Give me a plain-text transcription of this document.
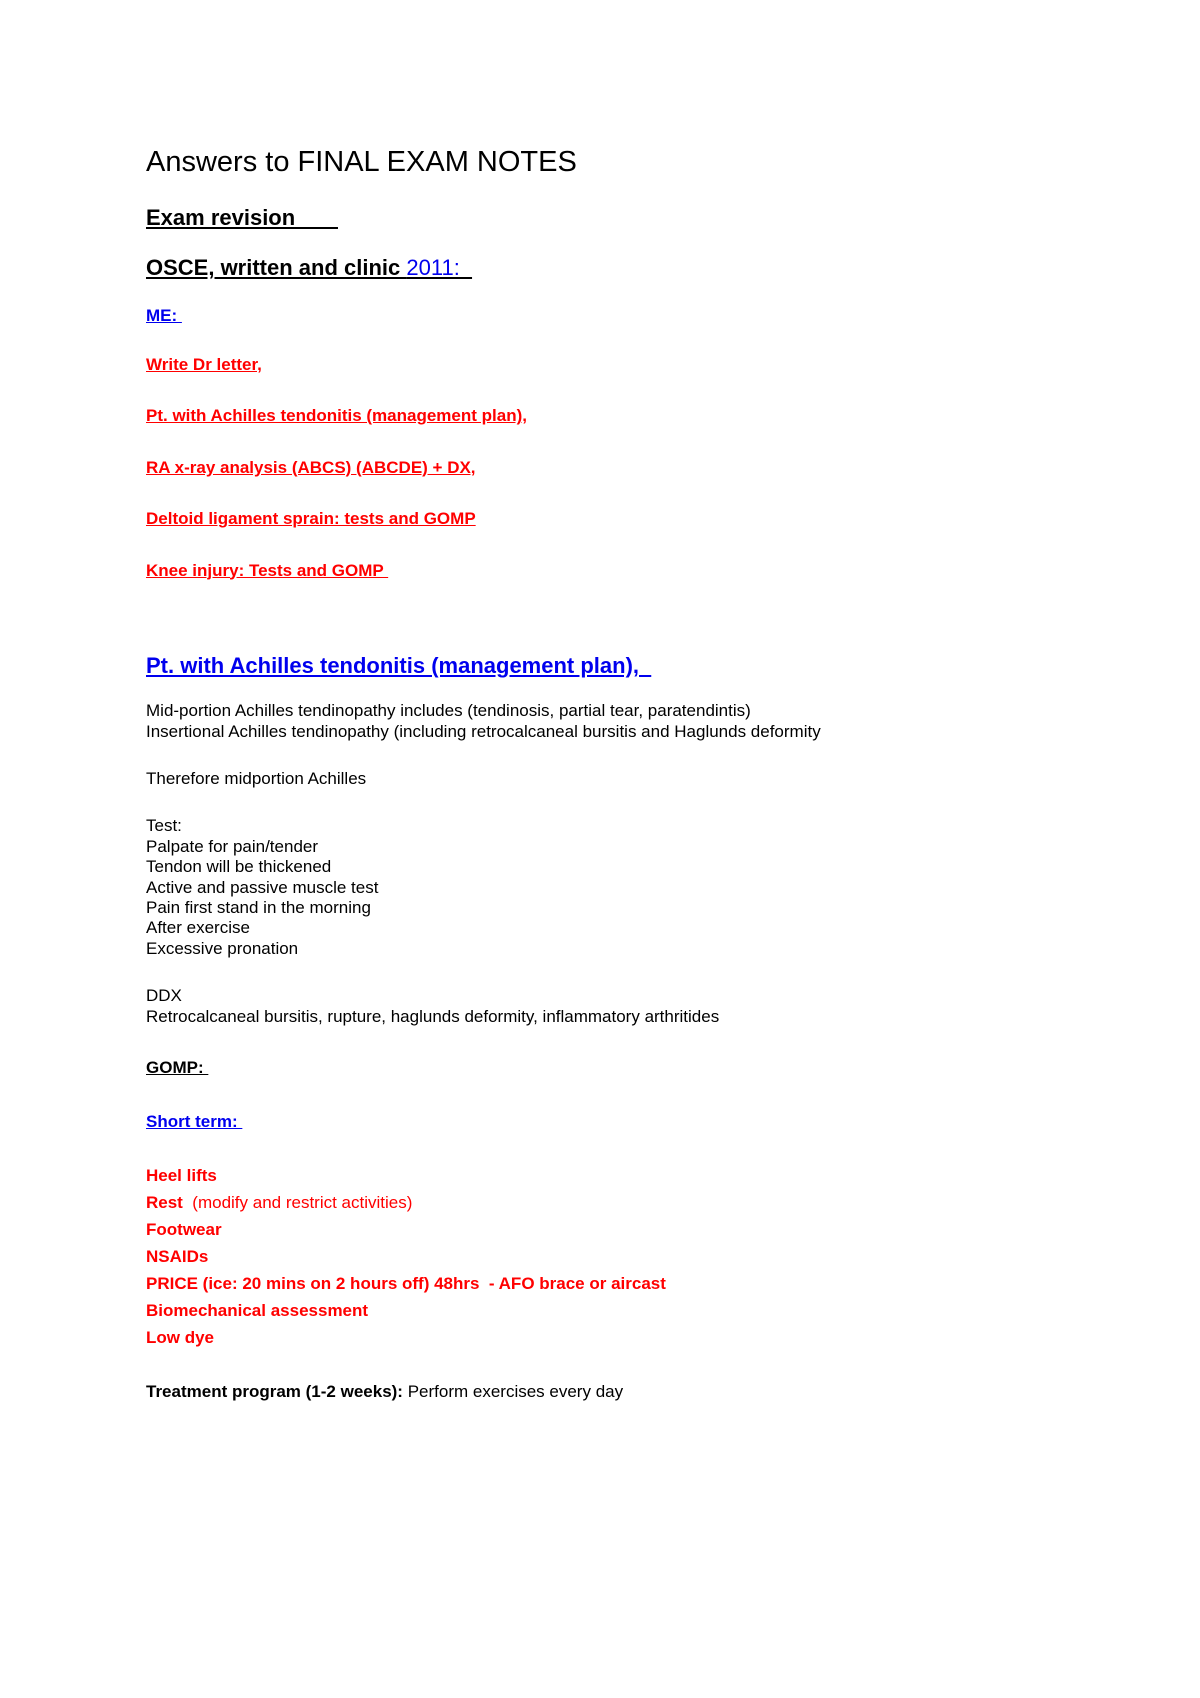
Answers to FINAL EXAM NOTES
Exam revision
OSCE, written and clinic 2011:
ME:
Write Dr letter,
Pt. with Achilles tendonitis (management plan),
RA x-ray analysis (ABCS) (ABCDE) + DX,
Deltoid ligament sprain: tests and GOMP
Knee injury: Tests and GOMP
Pt. with Achilles tendonitis (management plan),
Mid-portion Achilles tendinopathy includes (tendinosis, partial tear, paratendintis)
Insertional Achilles tendinopathy (including retrocalcaneal bursitis and Haglunds deformity
Therefore midportion Achilles
Test:
Palpate for pain/tender
Tendon will be thickened
Active and passive muscle test
Pain first stand in the morning
After exercise
Excessive pronation
DDX
Retrocalcaneal bursitis, rupture, haglunds deformity, inflammatory arthritides
GOMP:
Short term:
Heel lifts
Rest  (modify and restrict activities)
Footwear
NSAIDs
PRICE (ice: 20 mins on 2 hours off) 48hrs  - AFO brace or aircast
Biomechanical assessment
Low dye
Treatment program (1-2 weeks): Perform exercises every day
